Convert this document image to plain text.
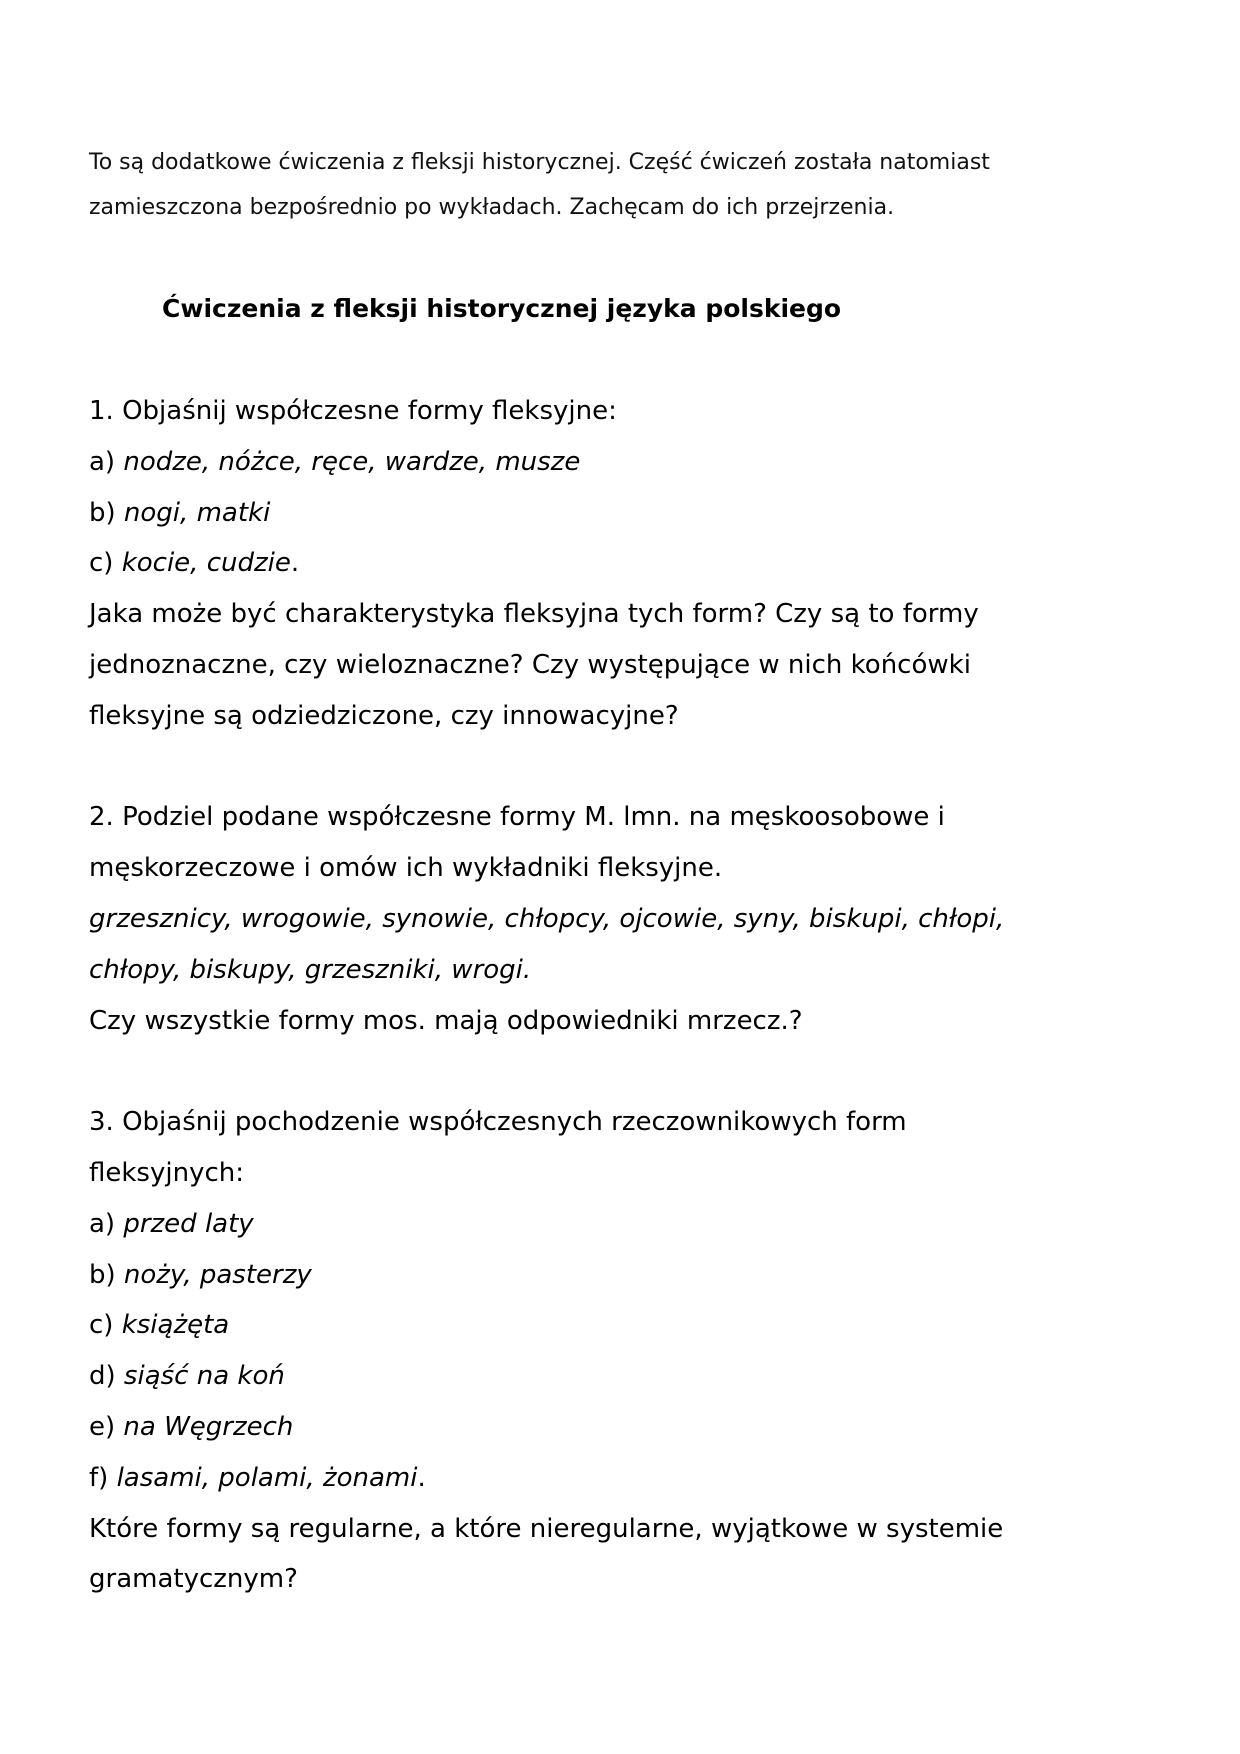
To są dodatkowe ćwiczenia z fleksji historycznej. Część ćwiczeń została natomiast
zamieszczona bezpośrednio po wykładach. Zachęcam do ich przejrzenia.
Ćwiczenia z fleksji historycznej języka polskiego
1. Objaśnij współczesne formy fleksyjne:
a) nodze, nóżce, ręce, wardze, musze
b) nogi, matki
c) kocie, cudzie.
Jaka może być charakterystyka fleksyjna tych form? Czy są to formy
jednoznaczne, czy wieloznaczne? Czy występujące w nich końcówki
fleksyjne są odziedziczone, czy innowacyjne?
2. Podziel podane współczesne formy M. lmn. na męskoosobowe i
męskorzeczowe i omów ich wykładniki fleksyjne.
grzesznicy, wrogowie, synowie, chłopcy, ojcowie, syny, biskupi, chłopi,
chłopy, biskupy, grzeszniki, wrogi.
Czy wszystkie formy mos. mają odpowiedniki mrzecz.?
3. Objaśnij pochodzenie współczesnych rzeczownikowych form
fleksyjnych:
a) przed laty
b) noży, pasterzy
c) książęta
d) siąść na koń
e) na Węgrzech
f) lasami, polami, żonami.
Które formy są regularne, a które nieregularne, wyjątkowe w systemie
gramatycznym?
